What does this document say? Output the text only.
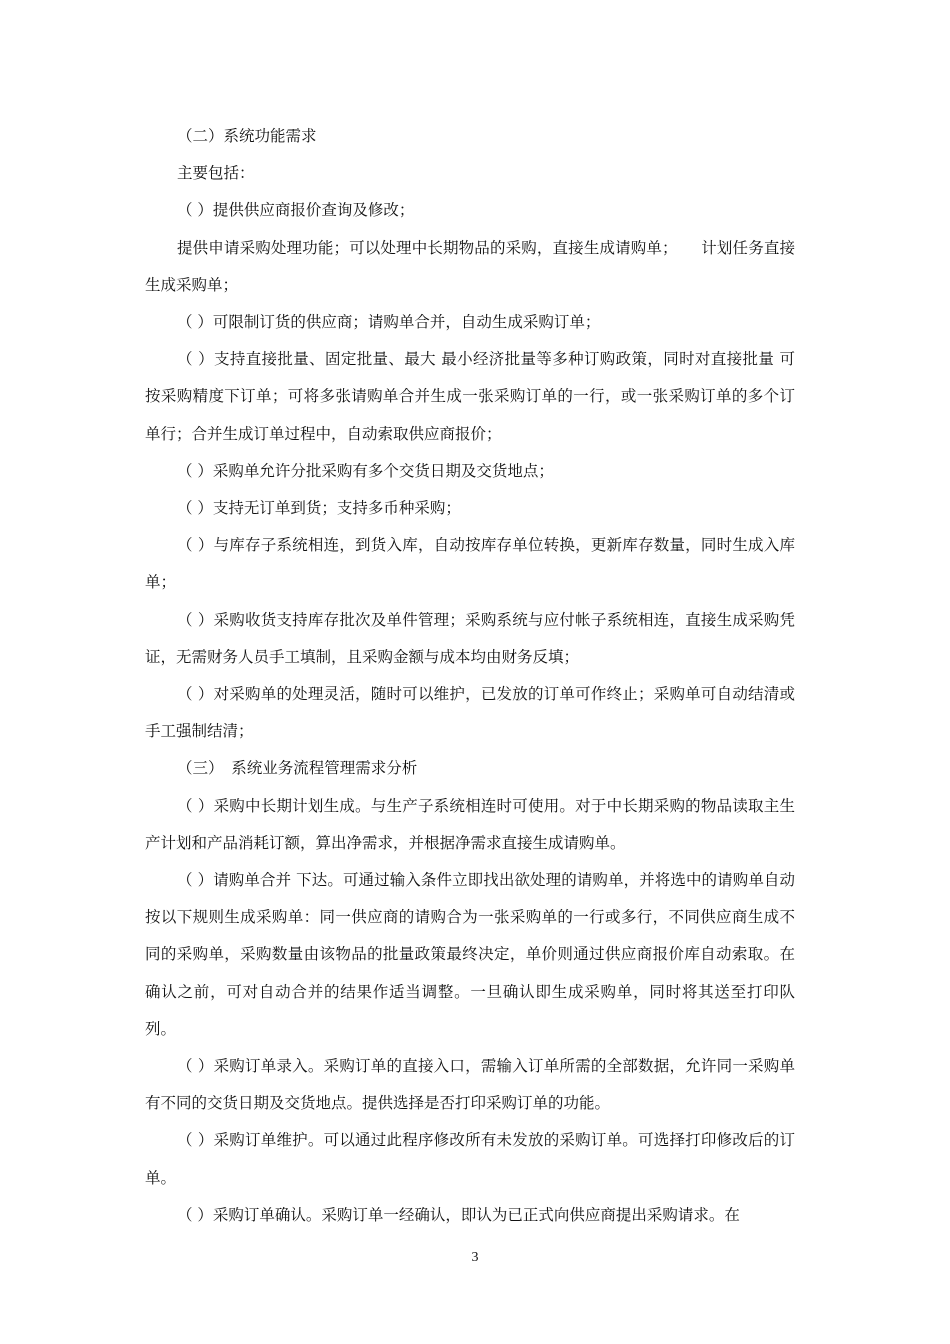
（二）系统功能需求

主要包括：

（ ）提供供应商报价查询及修改；

提供申请采购处理功能；可以处理中长期物品的采购，直接生成请购单；　　计划任务直接生成采购单；

（ ）可限制订货的供应商；请购单合并，自动生成采购订单；

（ ）支持直接批量、固定批量、最大 最小经济批量等多种订购政策，同时对直接批量 可按采购精度下订单；可将多张请购单合并生成一张采购订单的一行，或一张采购订单的多个订单行；合并生成订单过程中，自动索取供应商报价；

（ ）采购单允许分批采购有多个交货日期及交货地点；

（ ）支持无订单到货；支持多币种采购；

（ ）与库存子系统相连，到货入库，自动按库存单位转换，更新库存数量，同时生成入库单；

（ ）采购收货支持库存批次及单件管理；采购系统与应付帐子系统相连，直接生成采购凭证，无需财务人员手工填制，且采购金额与成本均由财务反填；

（ ）对采购单的处理灵活，随时可以维护，已发放的订单可作终止；采购单可自动结清或手工强制结清；

（三）　系统业务流程管理需求分析

（ ）采购中长期计划生成。与生产子系统相连时可使用。对于中长期采购的物品读取主生产计划和产品消耗订额，算出净需求，并根据净需求直接生成请购单。

（ ）请购单合并 下达。可通过输入条件立即找出欲处理的请购单，并将选中的请购单自动按以下规则生成采购单：同一供应商的请购合为一张采购单的一行或多行，不同供应商生成不同的采购单，采购数量由该物品的批量政策最终决定，单价则通过供应商报价库自动索取。在确认之前，可对自动合并的结果作适当调整。一旦确认即生成采购单，同时将其送至打印队列。

（ ）采购订单录入。采购订单的直接入口，需输入订单所需的全部数据，允许同一采购单有不同的交货日期及交货地点。提供选择是否打印采购订单的功能。

（ ）采购订单维护。可以通过此程序修改所有未发放的采购订单。可选择打印修改后的订单。

（ ）采购订单确认。采购订单一经确认，即认为已正式向供应商提出采购请求。在

3
